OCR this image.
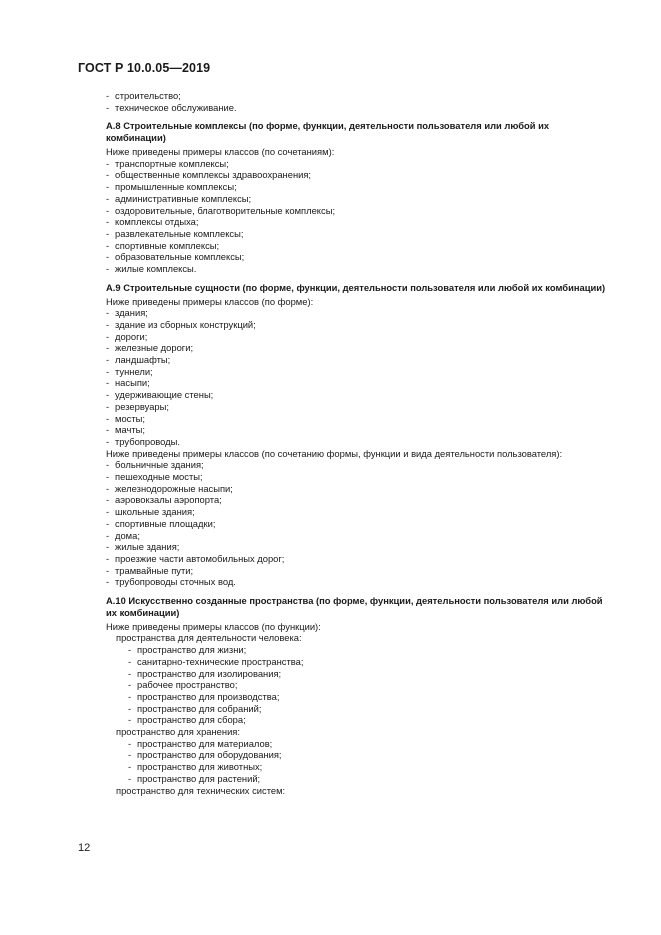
ГОСТ Р 10.0.05—2019
- строительство;
- техническое обслуживание.
А.8 Строительные комплексы (по форме, функции, деятельности пользователя или любой их комбинации)
Ниже приведены примеры классов (по сочетаниям):
- транспортные комплексы;
- общественные комплексы здравоохранения;
- промышленные комплексы;
- административные комплексы;
- оздоровительные, благотворительные комплексы;
- комплексы отдыха;
- развлекательные комплексы;
- спортивные комплексы;
- образовательные комплексы;
- жилые комплексы.
А.9 Строительные сущности (по форме, функции, деятельности пользователя или любой их комбинации)
Ниже приведены примеры классов (по форме):
- здания;
- здание из сборных конструкций;
- дороги;
- железные дороги;
- ландшафты;
- туннели;
- насыпи;
- удерживающие стены;
- резервуары;
- мосты;
- мачты;
- трубопроводы.
Ниже приведены примеры классов (по сочетанию формы, функции и вида деятельности пользователя):
- больничные здания;
- пешеходные мосты;
- железнодорожные насыпи;
- аэровокзалы аэропорта;
- школьные здания;
- спортивные площадки;
- дома;
- жилые здания;
- проезжие части автомобильных дорог;
- трамвайные пути;
- трубопроводы сточных вод.
А.10 Искусственно созданные пространства (по форме, функции, деятельности пользователя или любой их комбинации)
Ниже приведены примеры классов (по функции):
пространства для деятельности человека:
- пространство для жизни;
- санитарно-технические пространства;
- пространство для изолирования;
- рабочее пространство;
- пространство для производства;
- пространство для собраний;
- пространство для сбора;
пространство для хранения:
- пространство для материалов;
- пространство для оборудования;
- пространство для животных;
- пространство для растений;
пространство для технических систем:
12
